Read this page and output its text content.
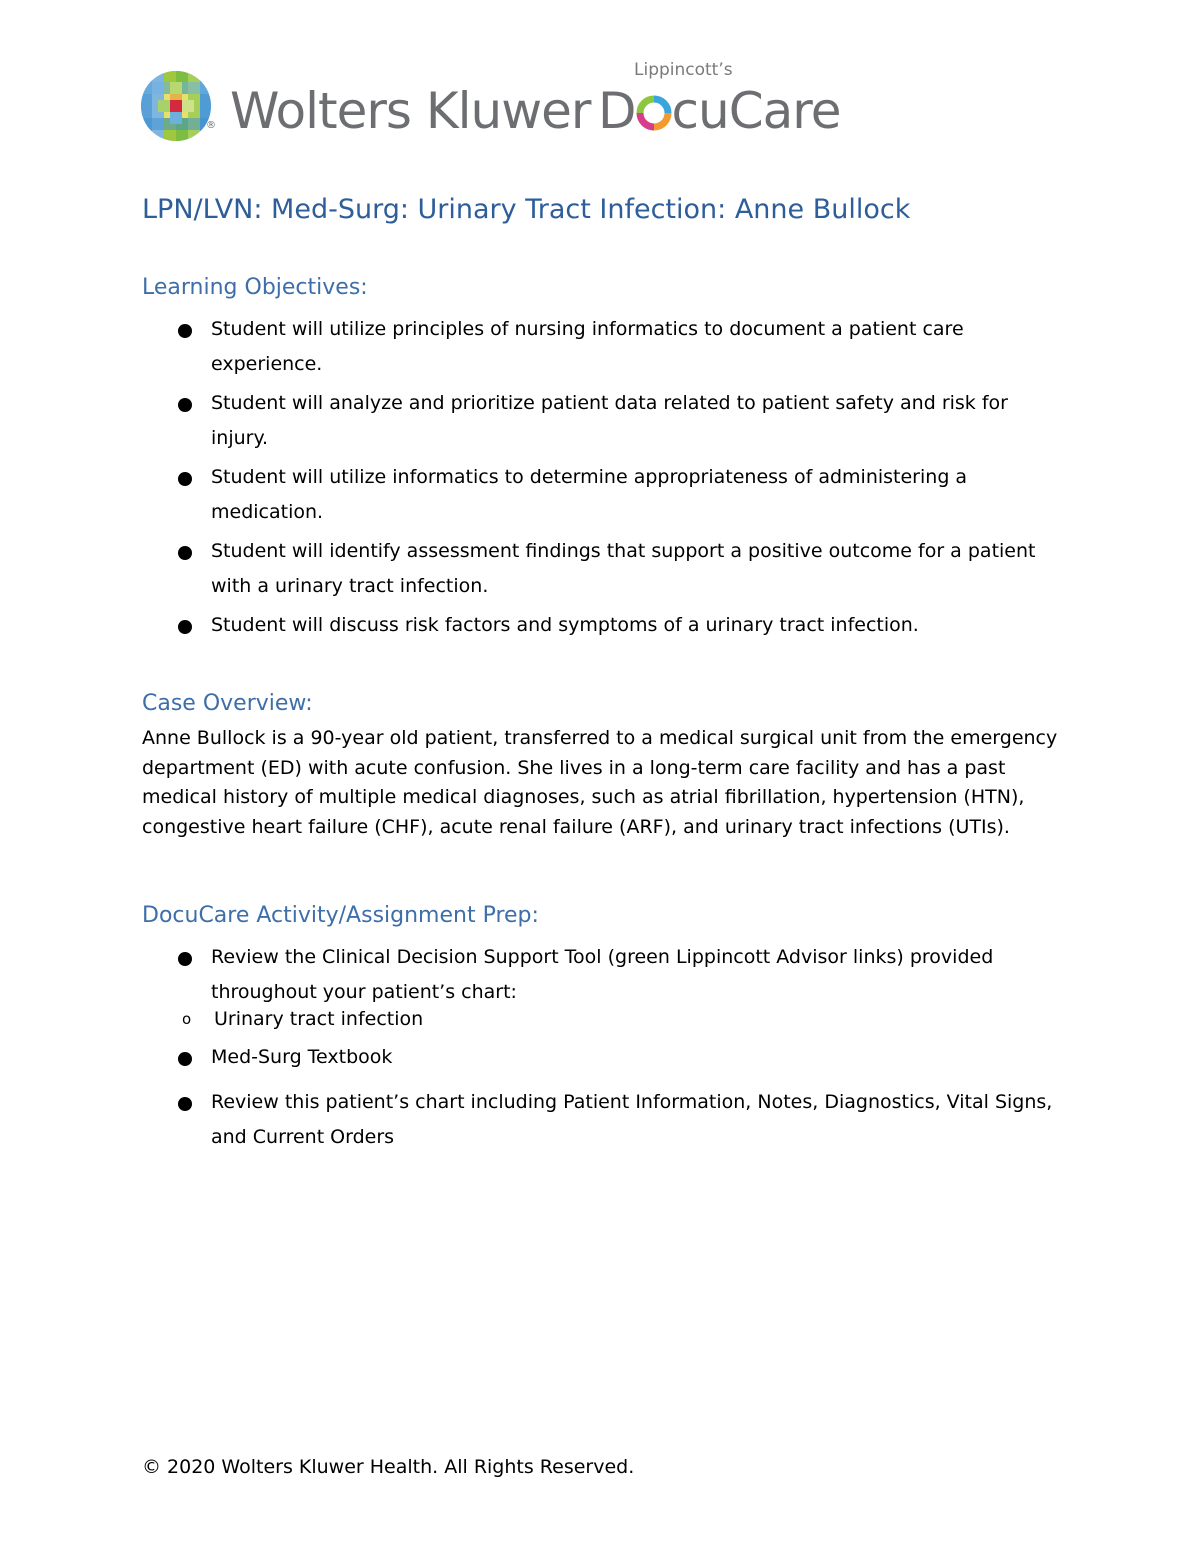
Wolters Kluwer
Lippincott’s
D cuCare
®
LPN/LVN: Med-Surg: Urinary Tract Infection: Anne Bullock
Learning Objectives:
Student will utilize principles of nursing informatics to document a patient care experience.
Student will analyze and prioritize patient data related to patient safety and risk for injury.
Student will utilize informatics to determine appropriateness of administering a medication.
Student will identify assessment findings that support a positive outcome for a patient with a urinary tract infection.
Student will discuss risk factors and symptoms of a urinary tract infection.
Case Overview:
Anne Bullock is a 90-year old patient, transferred to a medical surgical unit from the emergency department (ED) with acute confusion. She lives in a long-term care facility and has a past medical history of multiple medical diagnoses, such as atrial fibrillation, hypertension (HTN), congestive heart failure (CHF), acute renal failure (ARF), and urinary tract infections (UTIs).
DocuCare Activity/Assignment Prep:
Review the Clinical Decision Support Tool (green Lippincott Advisor links) provided throughout your patient’s chart:
o Urinary tract infection
Med-Surg Textbook
Review this patient’s chart including Patient Information, Notes, Diagnostics, Vital Signs, and Current Orders
© 2020 Wolters Kluwer Health. All Rights Reserved.
